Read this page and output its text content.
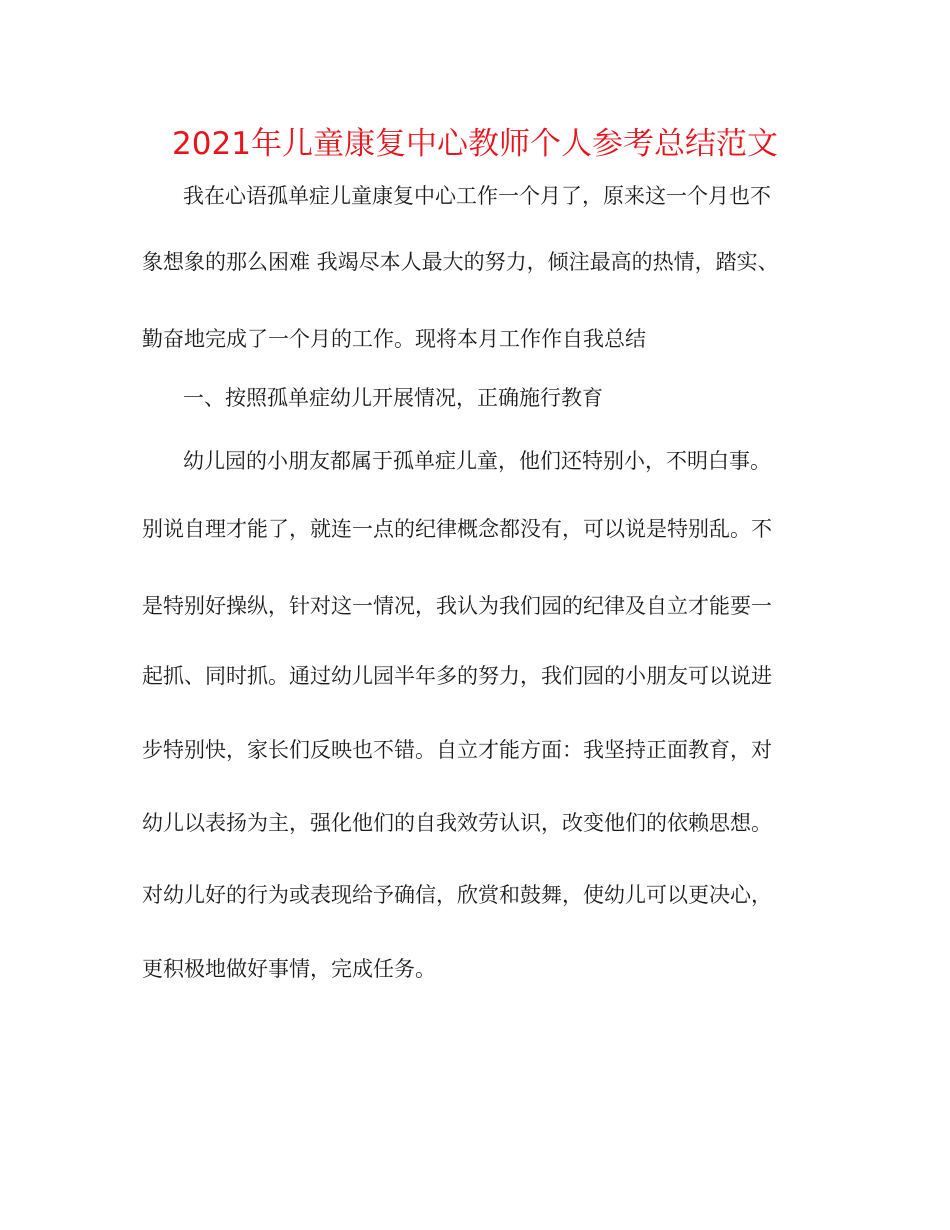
2021年儿童康复中心教师个人参考总结范文

我在心语孤单症儿童康复中心工作一个月了，原来这一个月也不

象想象的那么困难 我竭尽本人最大的努力，倾注最高的热情，踏实、

勤奋地完成了一个月的工作。现将本月工作作自我总结

一、按照孤单症幼儿开展情况，正确施行教育

幼儿园的小朋友都属于孤单症儿童，他们还特别小，不明白事。

别说自理才能了，就连一点的纪律概念都没有，可以说是特别乱。不

是特别好操纵，针对这一情况，我认为我们园的纪律及自立才能要一

起抓、同时抓。通过幼儿园半年多的努力，我们园的小朋友可以说进

步特别快，家长们反映也不错。自立才能方面：我坚持正面教育，对

幼儿以表扬为主，强化他们的自我效劳认识，改变他们的依赖思想。

对幼儿好的行为或表现给予确信，欣赏和鼓舞，使幼儿可以更决心，

更积极地做好事情，完成任务。
